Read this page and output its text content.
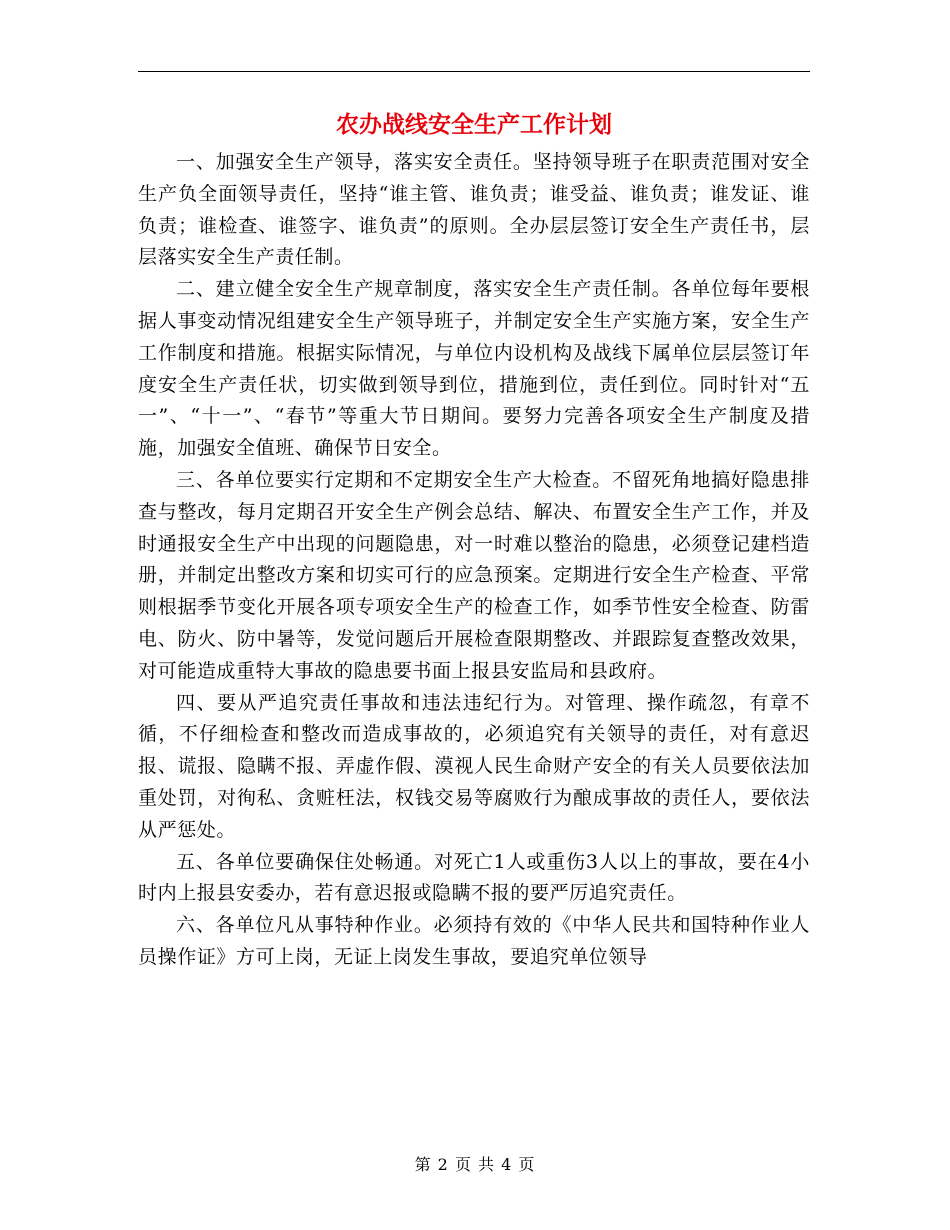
农办战线安全生产工作计划

一、加强安全生产领导，落实安全责任。坚持领导班子在职责范围对安全生产负全面领导责任，坚持“谁主管、谁负责；谁受益、谁负责；谁发证、谁负责；谁检查、谁签字、谁负责”的原则。全办层层签订安全生产责任书，层层落实安全生产责任制。

二、建立健全安全生产规章制度，落实安全生产责任制。各单位每年要根据人事变动情况组建安全生产领导班子，并制定安全生产实施方案，安全生产工作制度和措施。根据实际情况，与单位内设机构及战线下属单位层层签订年度安全生产责任状，切实做到领导到位，措施到位，责任到位。同时针对“五一”、“十一”、“春节”等重大节日期间。要努力完善各项安全生产制度及措施，加强安全值班、确保节日安全。

三、各单位要实行定期和不定期安全生产大检查。不留死角地搞好隐患排查与整改，每月定期召开安全生产例会总结、解决、布置安全生产工作，并及时通报安全生产中出现的问题隐患，对一时难以整治的隐患，必须登记建档造册，并制定出整改方案和切实可行的应急预案。定期进行安全生产检查、平常则根据季节变化开展各项专项安全生产的检查工作，如季节性安全检查、防雷电、防火、防中暑等，发觉问题后开展检查限期整改、并跟踪复查整改效果，对可能造成重特大事故的隐患要书面上报县安监局和县政府。

四、要从严追究责任事故和违法违纪行为。对管理、操作疏忽，有章不循，不仔细检查和整改而造成事故的，必须追究有关领导的责任，对有意迟报、谎报、隐瞒不报、弄虚作假、漠视人民生命财产安全的有关人员要依法加重处罚，对徇私、贪赃枉法，权钱交易等腐败行为酿成事故的责任人，要依法从严惩处。

五、各单位要确保住处畅通。对死亡1人或重伤3人以上的事故，要在4小时内上报县安委办，若有意迟报或隐瞒不报的要严厉追究责任。

六、各单位凡从事特种作业。必须持有效的《中华人民共和国特种作业人员操作证》方可上岗，无证上岗发生事故，要追究单位领导

第 2 页 共 4 页
